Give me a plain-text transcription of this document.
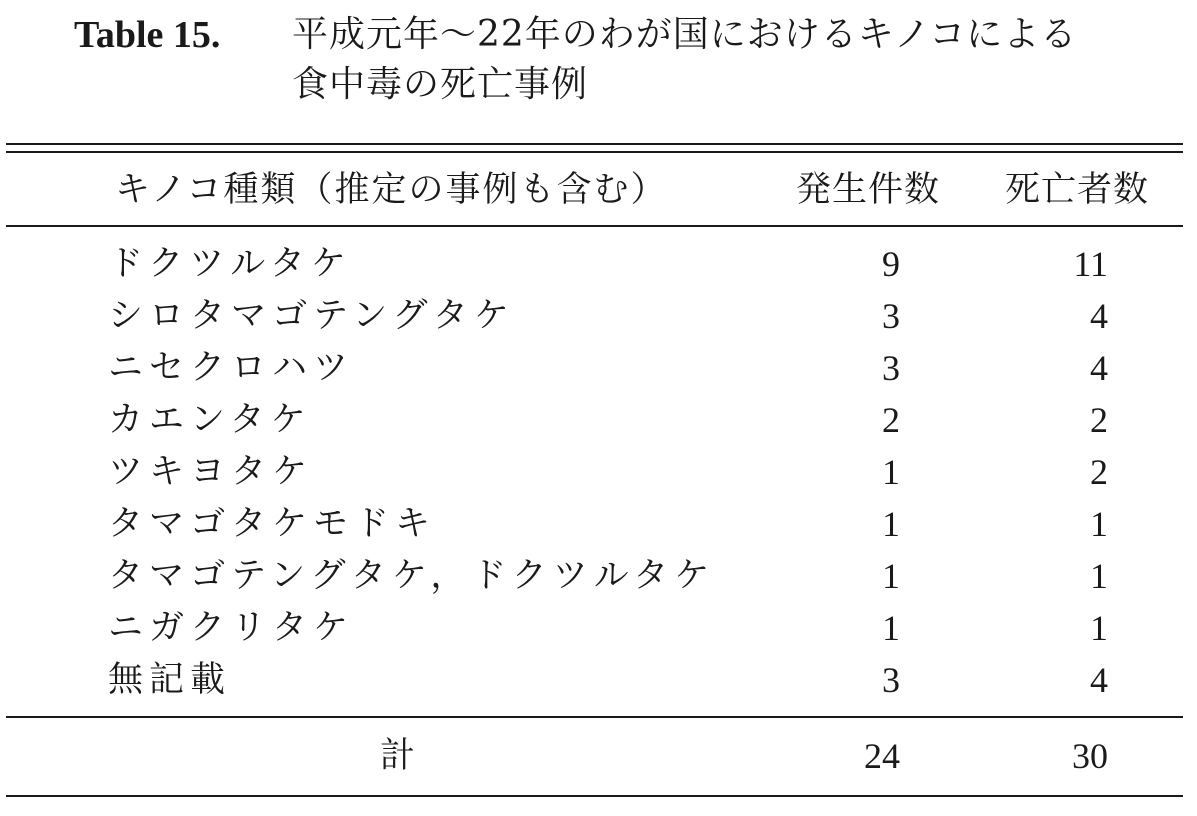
Table 15.	平成元年～22年のわが国におけるキノコによる
食中毒の死亡事例
キノコ種類（推定の事例も含む）	発生件数 死亡者数
ドクツルタケ	9	11
シロタマゴテングタケ	3	4
ニセクロハツ	3	4
カエンタケ	2	2
ツキヨタケ	1	2
タマゴタケモドキ	1	1
タマゴテングタケ，ドクツルタケ	1	1
ニガクリタケ	1	1
無記載	3	4
計	24	30
